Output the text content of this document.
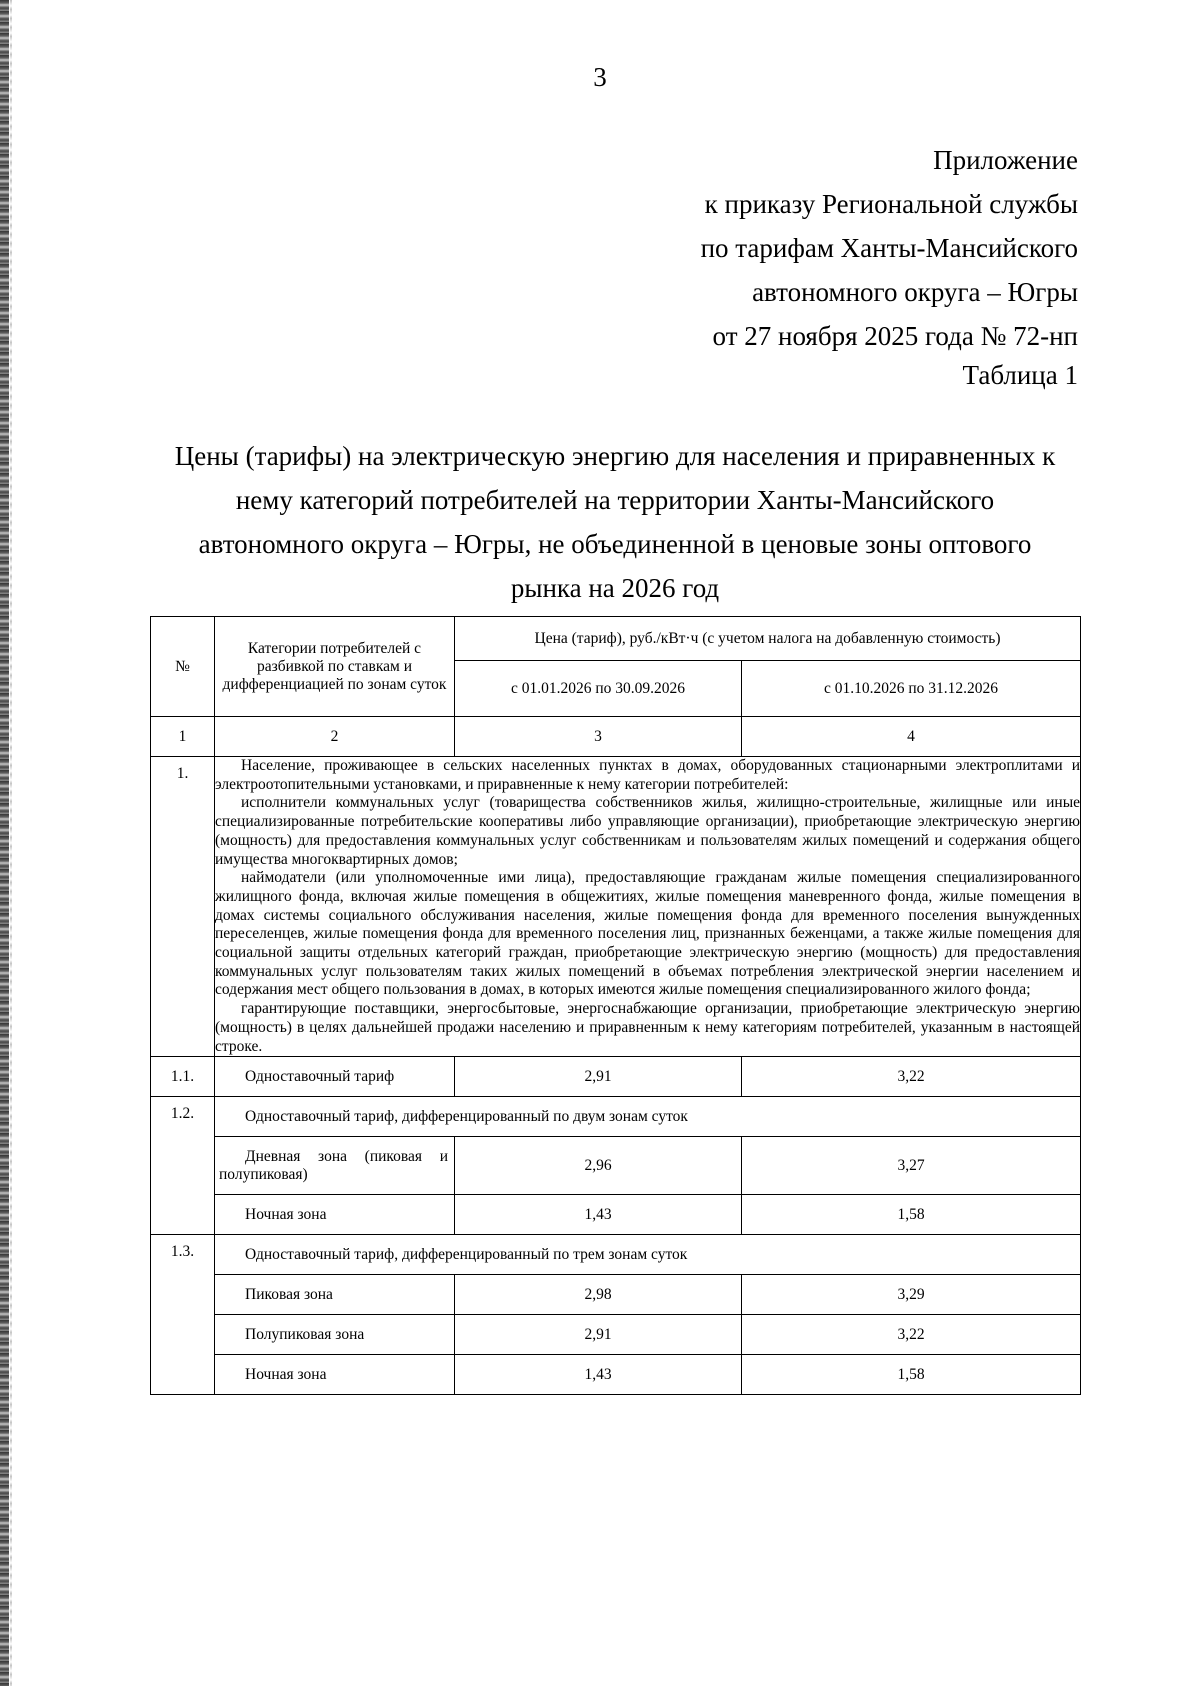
3
Приложение
к приказу Региональной службы
по тарифам Ханты-Мансийского
автономного округа – Югры
от 27 ноября 2025 года № 72-нп
Таблица 1
Цены (тарифы) на электрическую энергию для населения и приравненных к
нему категорий потребителей на территории Ханты-Мансийского
автономного округа – Югры, не объединенной в ценовые зоны оптового
рынка на 2026 год
№	Категории потребителей с разбивкой по ставкам и дифференциацией по зонам суток	Цена (тариф), руб./кВт·ч (с учетом налога на добавленную стоимость)	
		с 01.01.2026 по 30.09.2026	с 01.10.2026 по 31.12.2026
1	2	3	4
1.	Население, проживающее в сельских населенных пунктах в домах, оборудованных стационарными электроплитами и электроотопительными установками, и приравненные к нему категории потребителей:

исполнители коммунальных услуг (товарищества собственников жилья, жилищно-строительные, жилищные или иные специализированные потребительские кооперативы либо управляющие организации), приобретающие электрическую энергию (мощность) для предоставления коммунальных услуг собственникам и пользователям жилых помещений и содержания общего имущества многоквартирных домов;

наймодатели (или уполномоченные ими лица), предоставляющие гражданам жилые помещения специализированного жилищного фонда, включая жилые помещения в общежитиях, жилые помещения маневренного фонда, жилые помещения в домах системы социального обслуживания населения, жилые помещения фонда для временного поселения вынужденных переселенцев, жилые помещения фонда для временного поселения лиц, признанных беженцами, а также жилые помещения для социальной защиты отдельных категорий граждан, приобретающие электрическую энергию (мощность) для предоставления коммунальных услуг пользователям таких жилых помещений в объемах потребления электрической энергии населением и содержания мест общего пользования в домах, в которых имеются жилые помещения специализированного жилого фонда;

гарантирующие поставщики, энергосбытовые, энергоснабжающие организации, приобретающие электрическую энергию (мощность) в целях дальнейшей продажи населению и приравненным к нему категориям потребителей, указанным в настоящей строке.		

1.1.	Одноставочный тариф	2,91	3,22
1.2.	Одноставочный тариф, дифференцированный по двум зонам суток		

	Дневная зона (пиковая и полупиковая)	2,96	3,27
	Ночная зона	1,43	1,58
1.3.	Одноставочный тариф, дифференцированный по трем зонам суток		
	Пиковая зона	2,98	3,29
	Полупиковая зона	2,91	3,22
	Ночная зона	1,43	1,58
